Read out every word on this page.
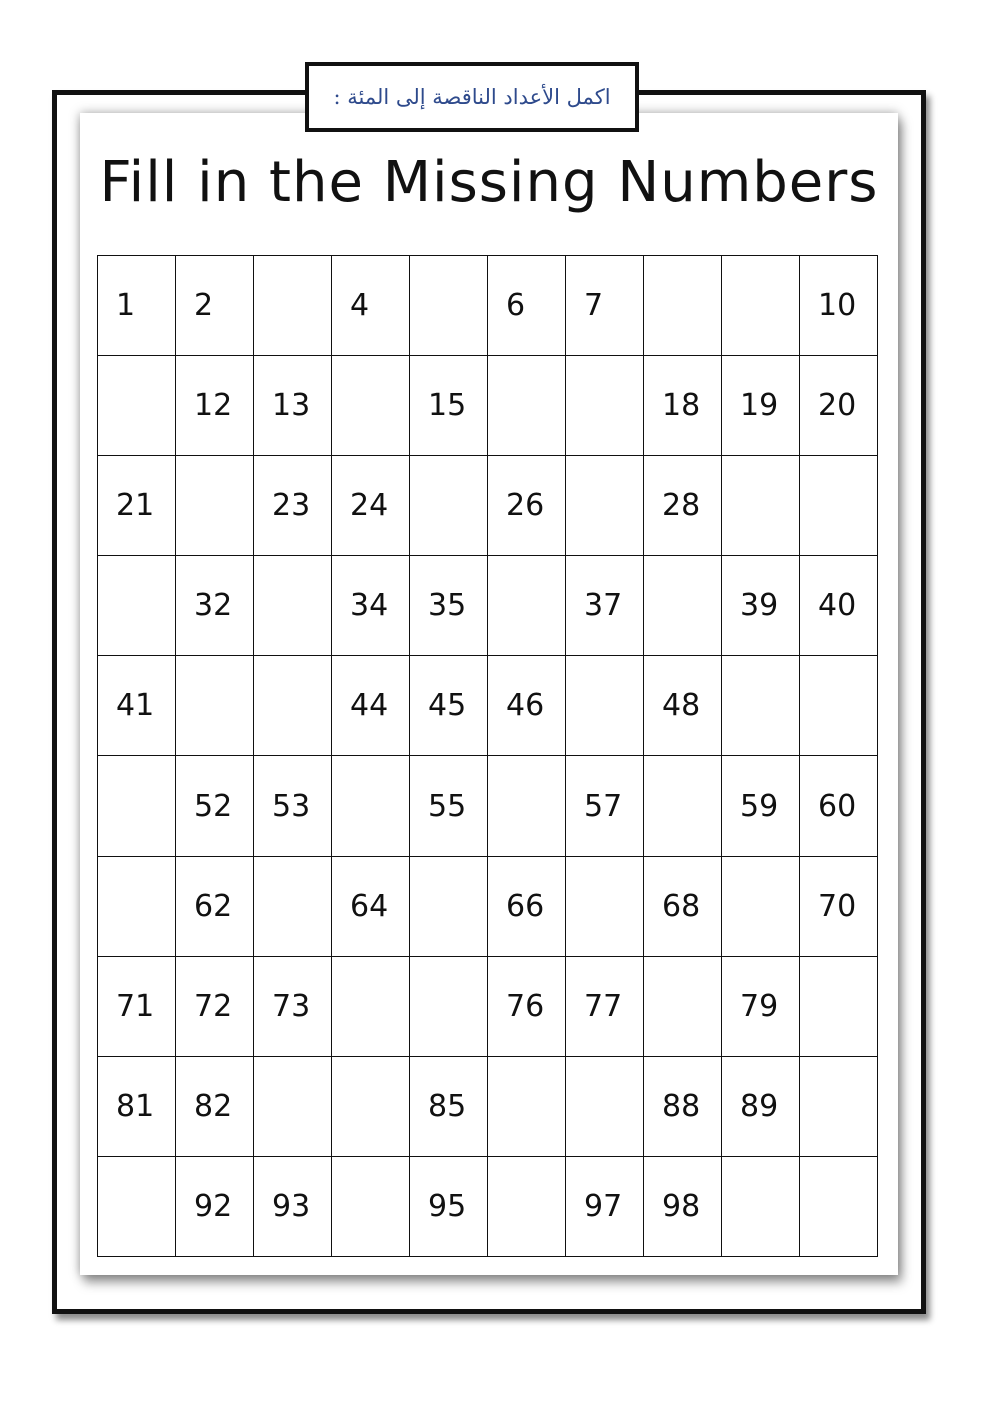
اكمل الأعداد الناقصة إلى المئة :
Fill in the Missing Numbers
1	2		4		6	7			10
	12	13		15			18	19	20
21		23	24		26		28		
	32		34	35		37		39	40
41			44	45	46		48		
	52	53		55		57		59	60
	62		64		66		68		70
71	72	73			76	77		79	
81	82			85			88	89	
	92	93		95		97	98		
